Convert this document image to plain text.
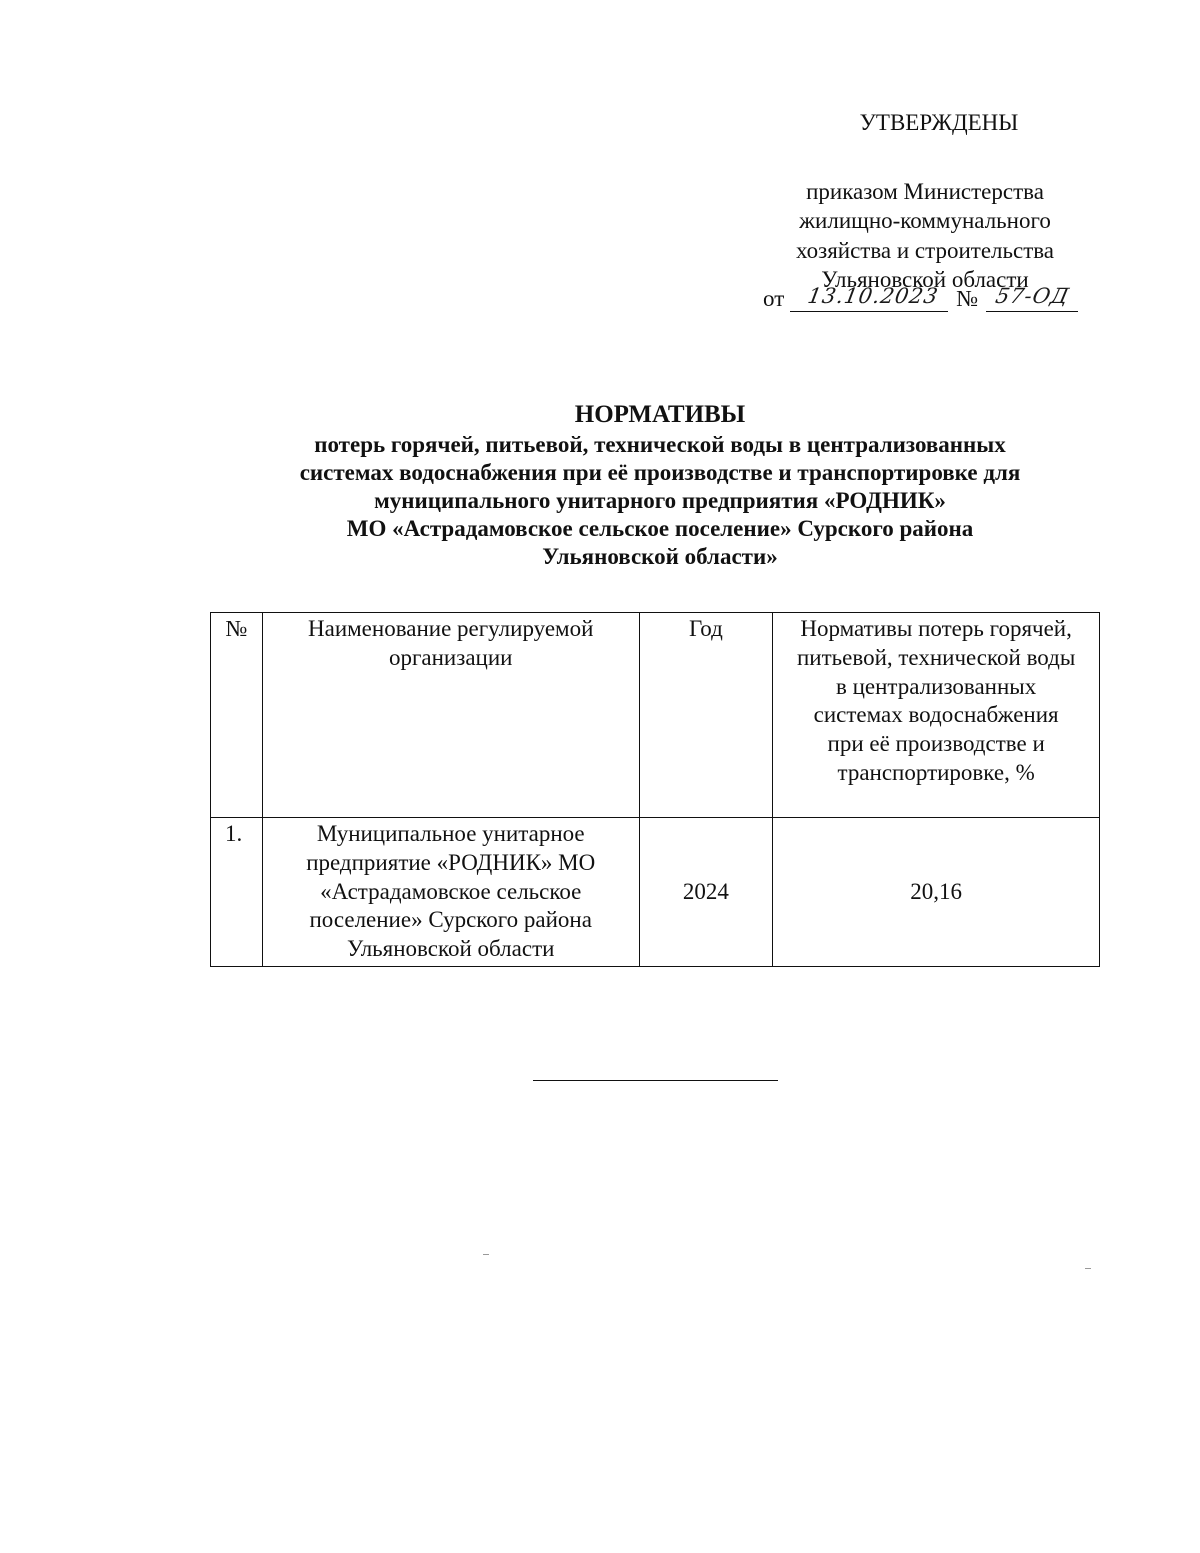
УТВЕРЖДЕНЫ
приказом Министерства
жилищно-коммунального
хозяйства и строительства
Ульяновской области
от 13.10.2023 № 57-ОД
НОРМАТИВЫ
потерь горячей, питьевой, технической воды в централизованных
системах водоснабжения при её производстве и транспортировке для
муниципального унитарного предприятия «РОДНИК»
МО «Астрадамовское сельское поселение» Сурского района
Ульяновской области»
№	Наименование регулируемой организации	Год	Нормативы потерь горячей, питьевой, технической воды в централизованных системах водоснабжения при её производстве и транспортировке, %

1.	Муниципальное унитарное предприятие «РОДНИК» МО «Астрадамовское сельское поселение» Сурского района Ульяновской области	2024	20,16
